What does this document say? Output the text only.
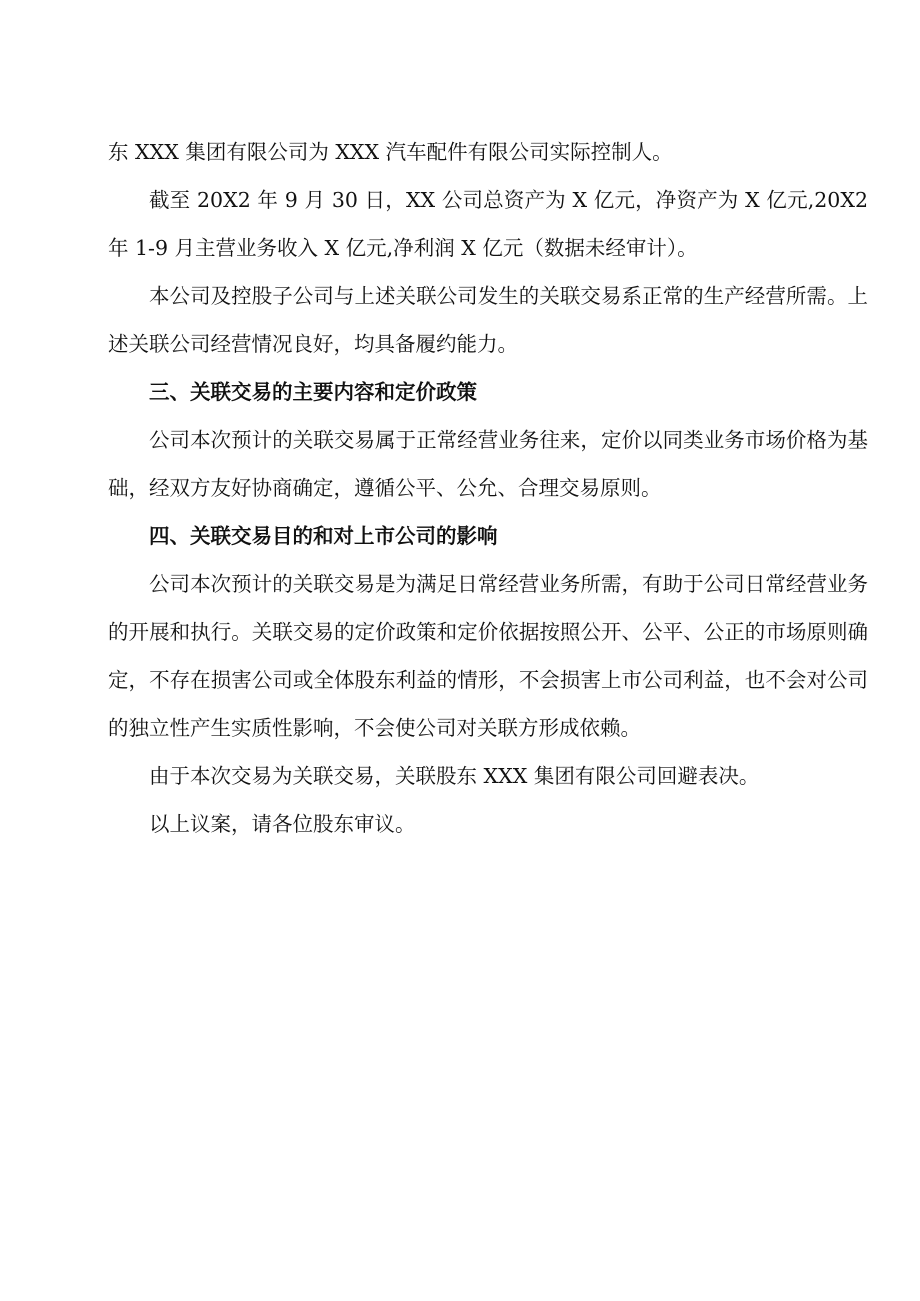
东 XXX 集团有限公司为 XXX 汽车配件有限公司实际控制人。

截至 20X2 年 9 月 30 日，XX 公司总资产为 X 亿元，净资产为 X 亿元,20X2 年 1-9 月主营业务收入 X 亿元,净利润 X 亿元（数据未经审计）。

本公司及控股子公司与上述关联公司发生的关联交易系正常的生产经营所需。上述关联公司经营情况良好，均具备履约能力。

三、关联交易的主要内容和定价政策

公司本次预计的关联交易属于正常经营业务往来，定价以同类业务市场价格为基础，经双方友好协商确定，遵循公平、公允、合理交易原则。

四、关联交易目的和对上市公司的影响

公司本次预计的关联交易是为满足日常经营业务所需，有助于公司日常经营业务的开展和执行。关联交易的定价政策和定价依据按照公开、公平、公正的市场原则确定，不存在损害公司或全体股东利益的情形，不会损害上市公司利益，也不会对公司的独立性产生实质性影响，不会使公司对关联方形成依赖。

由于本次交易为关联交易，关联股东 XXX 集团有限公司回避表决。

以上议案，请各位股东审议。
